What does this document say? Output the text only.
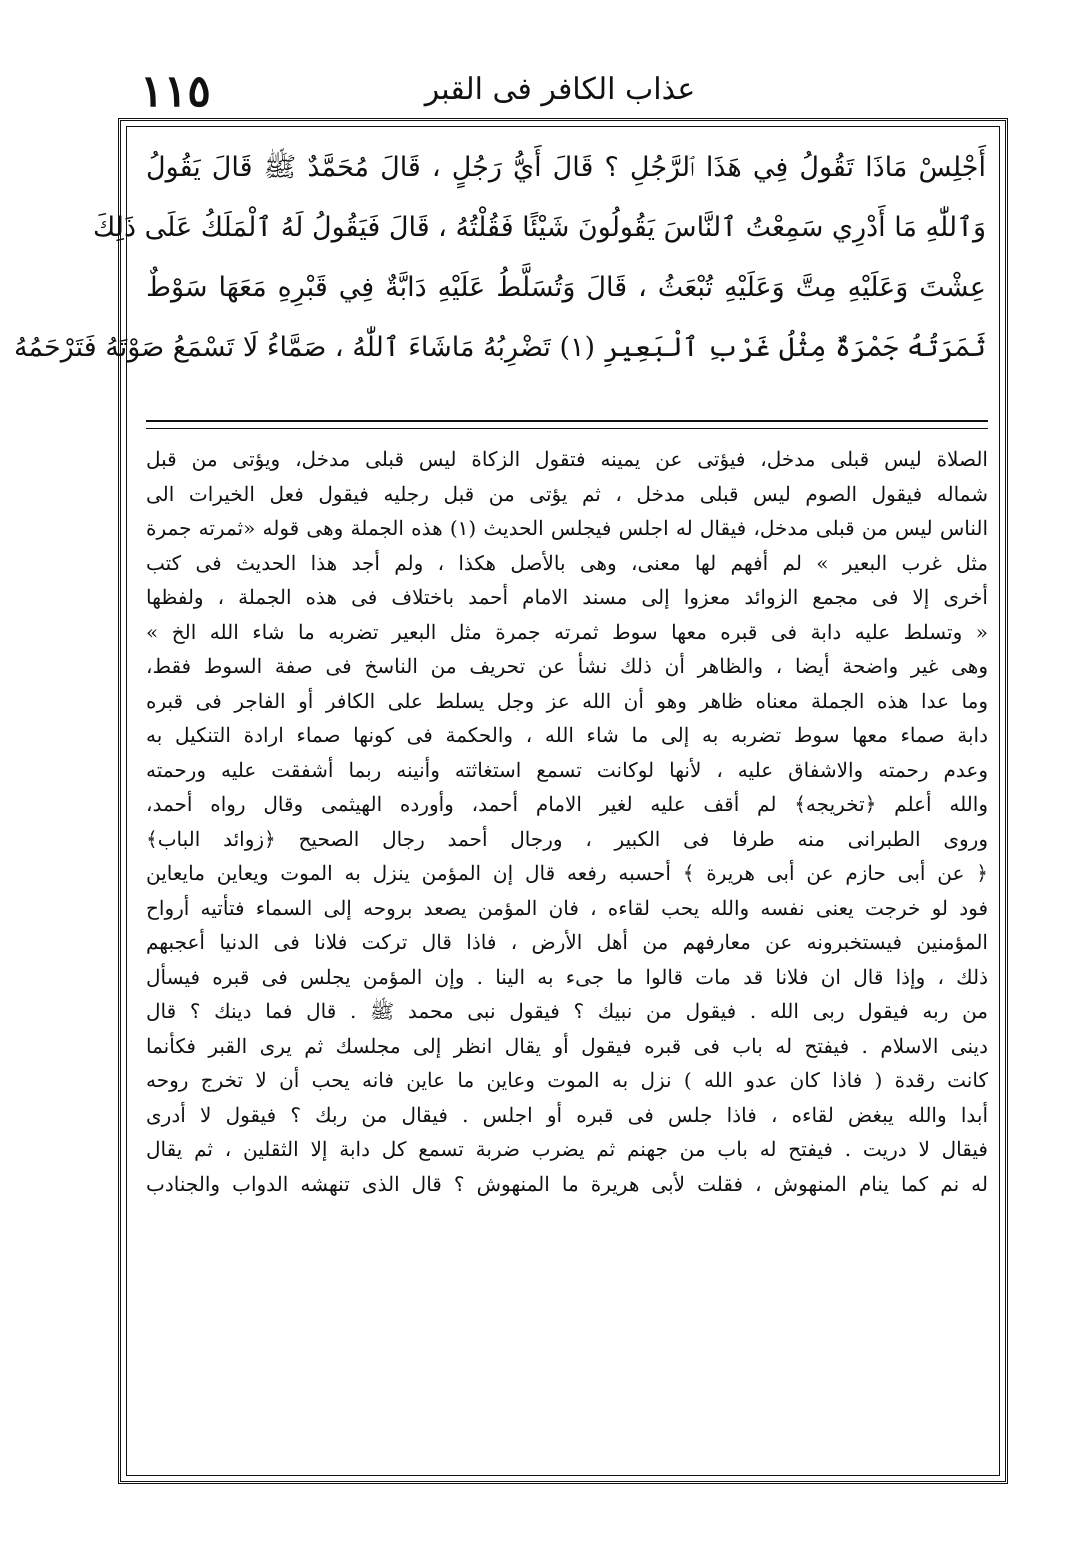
١١٥	عذاب الكافر فى القبر
أَجْلِسْ مَاذَا تَقُولُ فِي هَذَا ٱلرَّجُلِ ؟ قَالَ أَيُّ رَجُلٍ ، قَالَ مُحَمَّدٌ ﷺ قَالَ يَقُولُ
وَٱللّٰهِ مَا أَدْرِي سَمِعْتُ ٱلنَّاسَ يَقُولُونَ شَيْئًا فَقُلْتُهُ ، قَالَ فَيَقُولُ لَهُ ٱلْمَلَكُ عَلَى ذَلِكَ
عِشْتَ وَعَلَيْهِ مِتَّ وَعَلَيْهِ تُبْعَثُ ، قَالَ وَتُسَلَّطُ عَلَيْهِ دَابَّةٌ فِي قَبْرِهِ مَعَهَا سَوْطٌ
ثَمَرَتُهُ جَمْرَةٌ مِثْلُ غَرْبِ ٱلْبَعِيرِ (١) تَضْرِبُهُ مَاشَاءَ ٱللّٰهُ ، صَمَّاءُ لَا تَسْمَعُ صَوْتَهُ فَتَرْحَمُهُ
الصلاة ليس قبلى مدخل، فيؤتى عن يمينه فتقول الزكاة ليس قبلى مدخل، ويؤتى من قبل
شماله فيقول الصوم ليس قبلى مدخل ، ثم يؤتى من قبل رجليه فيقول فعل الخيرات الى
الناس ليس من قبلى مدخل، فيقال له اجلس فيجلس الحديث (١) هذه الجملة وهى قوله «ثمرته جمرة
مثل غرب البعير » لم أفهم لها معنى، وهى بالأصل هكذا ، ولم أجد هذا الحديث فى كتب
أخرى إلا فى مجمع الزوائد معزوا إلى مسند الامام أحمد باختلاف فى هذه الجملة ، ولفظها
« وتسلط عليه دابة فى قبره معها سوط ثمرته جمرة مثل البعير تضربه ما شاء الله الخ »
وهى غير واضحة أيضا ، والظاهر أن ذلك نشأ عن تحريف من الناسخ فى صفة السوط فقط،
وما عدا هذه الجملة معناه ظاهر وهو أن الله عز وجل يسلط على الكافر أو الفاجر فى قبره
دابة صماء معها سوط تضربه به إلى ما شاء الله ، والحكمة فى كونها صماء ارادة التنكيل به
وعدم رحمته والاشفاق عليه ، لأنها لوكانت تسمع استغاثته وأنينه ربما أشفقت عليه ورحمته
والله أعلم ﴿تخريجه﴾ لم أقف عليه لغير الامام أحمد، وأورده الهيثمى وقال رواه أحمد،
وروى الطبرانى منه طرفا فى الكبير ، ورجال أحمد رجال الصحيح ﴿زوائد الباب﴾
﴿ عن أبى حازم عن أبى هريرة ﴾ أحسبه رفعه قال إن المؤمن ينزل به الموت ويعاين مايعاين
فود لو خرجت يعنى نفسه والله يحب لقاءه ، فان المؤمن يصعد بروحه إلى السماء فتأتيه أرواح
المؤمنين فيستخبرونه عن معارفهم من أهل الأرض ، فاذا قال تركت فلانا فى الدنيا أعجبهم
ذلك ، وإذا قال ان فلانا قد مات قالوا ما جىء به الينا . وإن المؤمن يجلس فى قبره فيسأل
من ربه فيقول ربى الله . فيقول من نبيك ؟ فيقول نبى محمد ﷺ . قال فما دينك ؟ قال
دينى الاسلام . فيفتح له باب فى قبره فيقول أو يقال انظر إلى مجلسك ثم يرى القبر فكأنما
كانت رقدة ( فاذا كان عدو الله ) نزل به الموت وعاين ما عاين فانه يحب أن لا تخرج روحه
أبدا والله يبغض لقاءه ، فاذا جلس فى قبره أو اجلس . فيقال من ربك ؟ فيقول لا أدرى
فيقال لا دريت . فيفتح له باب من جهنم ثم يضرب ضربة تسمع كل دابة إلا الثقلين ، ثم يقال
له نم كما ينام المنهوش ، فقلت لأبى هريرة ما المنهوش ؟ قال الذى تنهشه الدواب والجنادب
